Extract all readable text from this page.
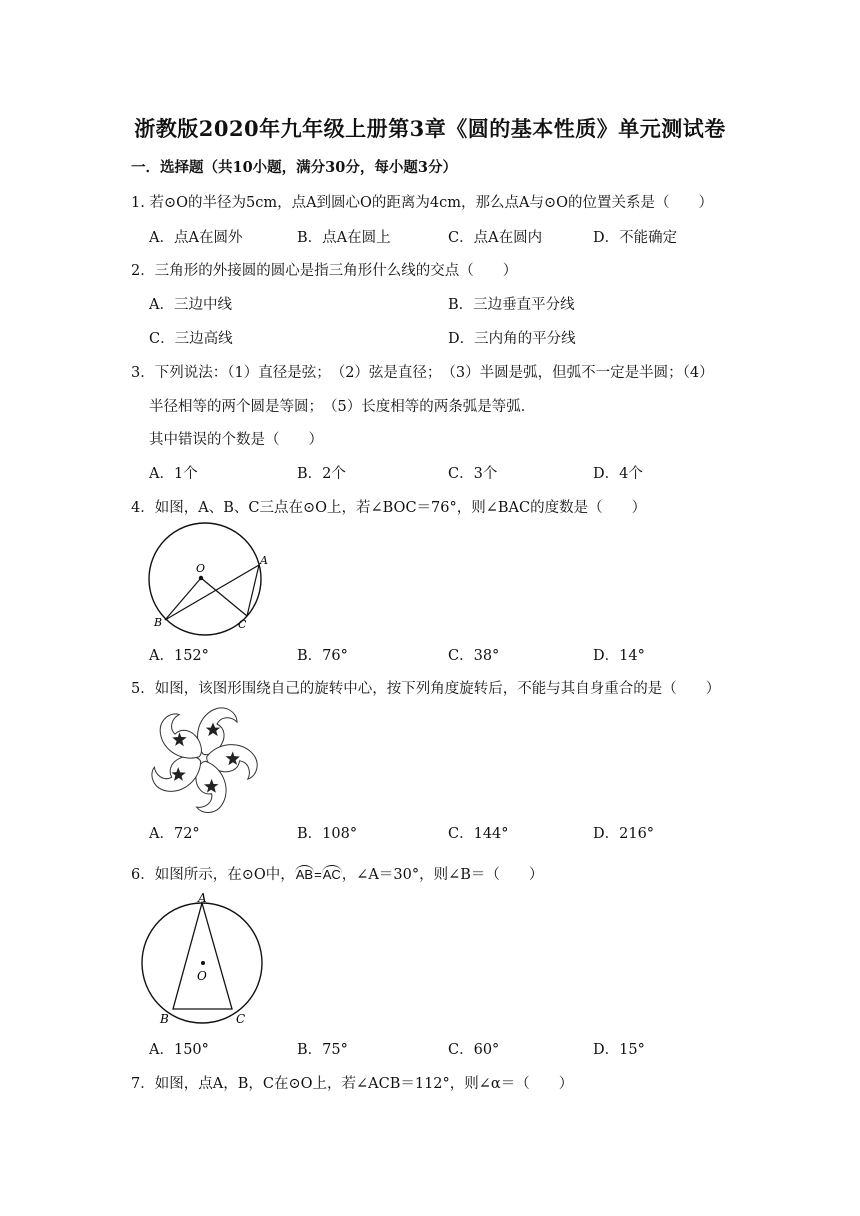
浙教版2020年九年级上册第3章《圆的基本性质》单元测试卷
一．选择题（共10小题，满分30分，每小题3分）
1. 若⊙O的半径为5cm，点A到圆心O的距离为4cm，那么点A与⊙O的位置关系是（　　）
A．点A在圆外	B．点A在圆上	C．点A在圆内	D．不能确定
2．三角形的外接圆的圆心是指三角形什么线的交点（　　）
A．三边中线	B．三边垂直平分线
C．三边高线	D．三内角的平分线
3．下列说法：（1）直径是弦；　（2）弦是直径；　（3）半圆是弧，但弧不一定是半圆；（4）
半径相等的两个圆是等圆；　（5）长度相等的两条弧是等弧．
其中错误的个数是（　　）
A．1个	B．2个	C．3个	D．4个
4．如图，A、B、C三点在⊙O上，若∠BOC＝76°，则∠BAC的度数是（　　）
O
A
B	C
A．152°	B．76°	C．38°	D．14°
5．如图，该图形围绕自己的旋转中心，按下列角度旋转后，不能与其自身重合的是（　　）
A．72°	B．108°	C．144°	D．216°
6．如图所示，在⊙O中，AB=AC，∠A＝30°，则∠B＝（　　）
A
O
B	C
A．150°	B．75°	C．60°	D．15°
7．如图，点A，B，C在⊙O上，若∠ACB＝112°，则∠α＝（　　）
